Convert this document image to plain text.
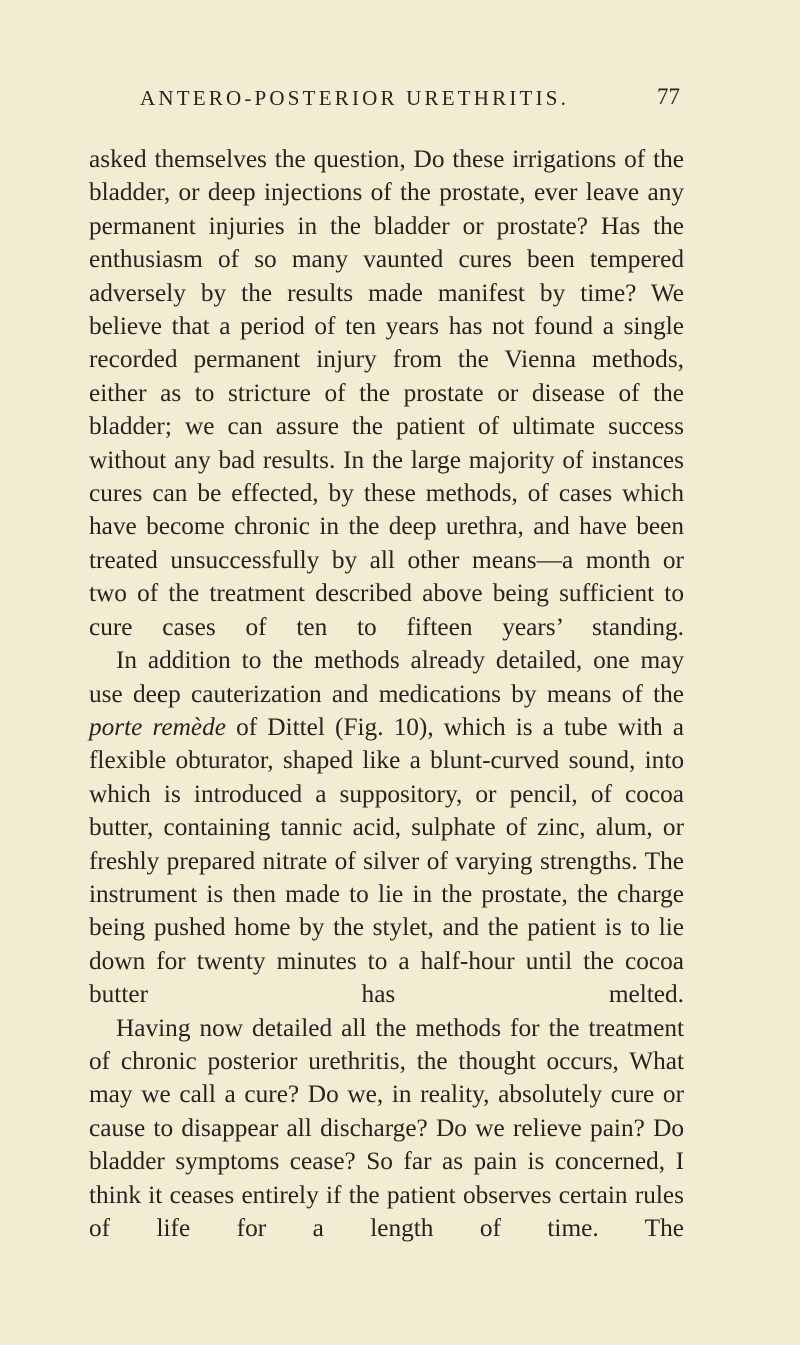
ANTERO-POSTERIOR URETHRITIS.	77

asked themselves the question, Do these irrigations of the bladder, or deep injections of the prostate, ever leave any permanent injuries in the bladder or prostate? Has the enthusiasm of so many vaunted cures been tempered adversely by the results made manifest by time? We believe that a period of ten years has not found a single recorded permanent injury from the Vienna methods, either as to stricture of the prostate or disease of the bladder; we can assure the patient of ultimate success without any bad results. In the large majority of instances cures can be effected, by these methods, of cases which have become chronic in the deep urethra, and have been treated unsuccessfully by all other means—a month or two of the treatment described above being sufficient to cure cases of ten to fifteen years’ standing.

In addition to the methods already detailed, one may use deep cauterization and medications by means of the porte remède of Dittel (Fig. 10), which is a tube with a flexible obturator, shaped like a blunt-curved sound, into which is introduced a suppository, or pencil, of cocoa butter, containing tannic acid, sulphate of zinc, alum, or freshly prepared nitrate of silver of varying strengths. The instrument is then made to lie in the prostate, the charge being pushed home by the stylet, and the patient is to lie down for twenty minutes to a half-hour until the cocoa butter has melted.

Having now detailed all the methods for the treatment of chronic posterior urethritis, the thought occurs, What may we call a cure? Do we, in reality, absolutely cure or cause to disappear all discharge? Do we relieve pain? Do bladder symptoms cease? So far as pain is concerned, I think it ceases entirely if the patient observes certain rules of life for a length of time. The
